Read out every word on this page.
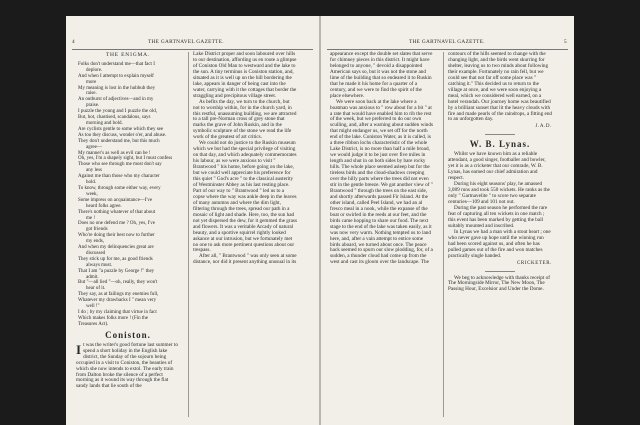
4	THE GARTNAVEL GAZETTE.
THE ENIGMA.
Folks don't understand me—that fact I
deplore.
And when I attempt to explain myself
more
My meaning is lost in the hubbub they
raise.
An outburst of adjectives—and in my
praise.
I puzzle the young and I puzzle the old,
But, hot, chastised, scandalous, says
morning and bold.
Are cyclists gentle to some which they see
As too they discuss, wonder o'er, and abuse.
They don't understand me, but this much
agree—
My manner's as well as evil can be !
Oh, yes, I'm a shapely sight, but I must confess
Those who see through me most don't say
any less
Against me than those who my character
hold.
To know, through some either way, every
week,
Some impress on acquaintance—I've
heard folks agree.
There's nothing whatever of that about
me !
Does no one defend me ? Oh, yes, I've
got friends
Who're doing their best now to further
my ends,
And when my delinquencies great are
discussed
They stick up for me, as good friends
always must.
That I am "a puzzle by George !" they
admit.
But "—all lied "—oh, really, they won't
hear of it.
They say, as at failings my enemies full,
Whatever my drawbacks I " mean very
well !"
I do ; by my claiming that virtue in fact
Which makes folks more ! (Fin the
Treasures Act).
Coniston.

It was the writer's good fortune last summer to spend a short holiday in the English lake district, the Sunday of the sojourn being occupied in a visit to Coniston, the beauties of which she now intends to extol. The early train from Dalton broke the silence of a perfect morning as it wound its way through the flat sandy lands that lie south of the

Lake District proper and soon laboured over hills to our destination, affording us en route a glimpse of Coniston Old Man to westward and the lake to the sun. A tiny terminus is Coniston station, and, situated as it is well up on the hill bordering the lake, appears in danger of being cast into the water, carrying with it the cottages that border the straggling and precipitous village street.

As befits the day, we turn to the church, but not to worship within, for in the church yard, in this restful, unassuming building, we are attracted to a tall pre-Norman cross of grey stone that marks the grave of John Ruskin, and in the symbolic sculpture of the stone we read the life work of the greatest of art critics.

We could not do justice to the Ruskin museum which we but had the special privilege of visiting on that day, and which adequately commemorates his labour, as we were anxious to visit " Brantwood " his home, before going on the lake, but we could well appreciate his preference for this quiet " God's acre " to the classical austerity of Westminster Abbey as his last resting place. Part of our way to " Brantwood " led us to a copse where the way was ankle deep in the leaves of many autumns and where the dim light, filtering through the trees, spread our path in a mosaic of light and shade. Here, too, the sun had not yet dispersed the dew, for it gemmed the grass and flowers. It was a veritable Arcady of natural beauty, and a sportive squirrel rightly looked askance at our intrusion, but we fortunately met no one to ask more pertinent questions about our trespass.

After all, " Brantwood " was only seen at some distance, nor did it present anything unusual in its

THE GARTNAVEL GAZETTE.	5

appearance except the double set slates that serve for chimney pieces in this district. It might have belonged to anyone, " devoid a disappointed American says so, but it was not the stone and lime of the building that so endeared it to Ruskin that he made it his home for a quarter of a century, and we were to find the spirit of the place elsewhere.

We were soon back at the lake where a boatman was anxious to " row about for a bit " at a rate that would have enabled him to rib the rest of the week, but we preferred to do our own sculling, and, after a warning about sudden winds that might endanger us, we set off for the north end of the lake. Coniston Water, as it is called, is a three ribbon lochs characteristic of the whole Lake District, is no more than half a mile broad, we would judge it to be just over five miles in length and shut in on both sides by bare rocky hills. The whole place seemed asleep but for the tireless birds and the cloud-shadows creeping over the hilly parts where the trees did not even stir in the gentle breeze. We got another view of " Brantwood " through the trees on the east side, and shortly afterwards passed Fir Island. At the other island, called Peel Island, we had an al fresco meal in a nook, while the expanse of the boat or swirled in the reeds at our feet, and the birds came hopping to share our food. The next stage to the end of the lake was taken easily, as it was now very warm. Nothing tempted us to land here, and, after a vain attempt to entice some birds aboard, we turned about once. The peace hack seemed to spurn our slow plodding, for, of a sudden, a thunder cloud had come up from the west and cast its gloom over the landscape. The

contours of the hills seemed to change with the changing light, and the birds went skurring for shelter, leaving us to two minds about following their example. Fortunately no rain fell, but we could see that not far off some place was " catching it." This decided us to return to the village at once, and we were soon enjoying a meal, which we considered well earned, on a hotel verandah. Our journey home was beautified by a brilliant sunset that lit the heavy clouds with fire and made pearls of the raindrops, a fitting end to an unforgotten day.

J.A.D.
W. B. Lynas.

Whilst we have known him as a reliable attendant, a good singer, footballer and bowler, yet it is as a cricketer that our comrade, W. B. Lynas, has earned our chief admiration and respect.

During his eight seasons' play, he amassed 3,089 runs and took 550 wickets. He ranks as the only " Gartnavelite " to score two separate centuries—109 and 101 not out.

During the past season he performed the rare feat of capturing all ten wickets in one match ; this event has been marked by getting the ball suitably mounted and inscribed.

In Lynas we had a man with a stout heart ; one who never gave up hope until the winning run had been scored against us, and often he has pulled games out of the fire and won matches practically single handed.

CRICKETER.

We beg to acknowledge with thanks receipt of The Morningside Mirror, The New Moon, The Passing Hour, Excelsior and Under the Dome.
